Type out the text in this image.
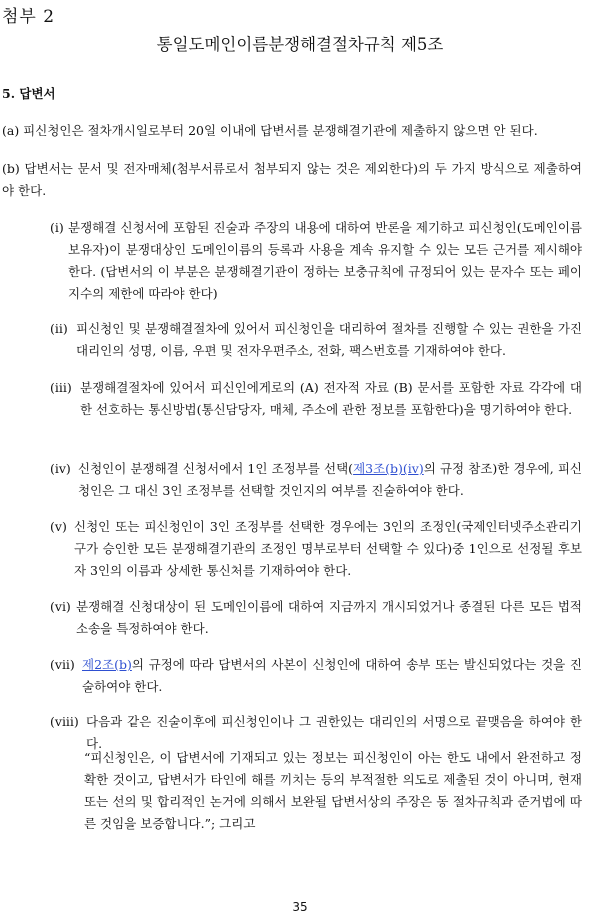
첨부 2
통일도메인이름분쟁해결절차규칙 제5조
5. 답변서
(a) 피신청인은 절차개시일로부터 20일 이내에 답변서를 분쟁해결기관에 제출하지 않으면 안 된다.
(b) 답변서는 문서 및 전자매체(첨부서류로서 첨부되지 않는 것은 제외한다)의 두 가지 방식으로 제출하여야 한다.
(i) 분쟁해결 신청서에 포함된 진술과 주장의 내용에 대하여 반론을 제기하고 피신청인(도메인이름 보유자)이 분쟁대상인 도메인이름의 등록과 사용을 계속 유지할 수 있는 모든 근거를 제시해야 한다. (답변서의 이 부분은 분쟁해결기관이 정하는 보충규칙에 규정되어 있는 문자수 또는 페이지수의 제한에 따라야 한다)
(ii) 피신청인 및 분쟁해결절차에 있어서 피신청인을 대리하여 절차를 진행할 수 있는 권한을 가진 대리인의 성명, 이름, 우편 및 전자우편주소, 전화, 팩스번호를 기재하여야 한다.
(iii) 분쟁해결절차에 있어서 피신인에게로의 (A) 전자적 자료 (B) 문서를 포함한 자료 각각에 대한 선호하는 통신방법(통신담당자, 매체, 주소에 관한 정보를 포함한다)을 명기하여야 한다.
(iv) 신청인이 분쟁해결 신청서에서 1인 조정부를 선택(제3조(b)(iv)의 규정 참조)한 경우에, 피신청인은 그 대신 3인 조정부를 선택할 것인지의 여부를 진술하여야 한다.
(v) 신청인 또는 피신청인이 3인 조정부를 선택한 경우에는 3인의 조정인(국제인터넷주소관리기구가 승인한 모든 분쟁해결기관의 조정인 명부로부터 선택할 수 있다)중 1인으로 선정될 후보자 3인의 이름과 상세한 통신처를 기재하여야 한다.
(vi) 분쟁해결 신청대상이 된 도메인이름에 대하여 지금까지 개시되었거나 종결된 다른 모든 법적 소송을 특정하여야 한다.
(vii) 제2조(b)의 규정에 따라 답변서의 사본이 신청인에 대하여 송부 또는 발신되었다는 것을 진술하여야 한다.
(viii) 다음과 같은 진술이후에 피신청인이나 그 권한있는 대리인의 서명으로 끝맺음을 하여야 한다.
“피신청인은, 이 답변서에 기재되고 있는 정보는 피신청인이 아는 한도 내에서 완전하고 정확한 것이고, 답변서가 타인에 해를 끼치는 등의 부적절한 의도로 제출된 것이 아니며, 현재 또는 선의 및 합리적인 논거에 의해서 보완될 답변서상의 주장은 동 절차규칙과 준거법에 따른 것임을 보증합니다.”; 그리고
35
